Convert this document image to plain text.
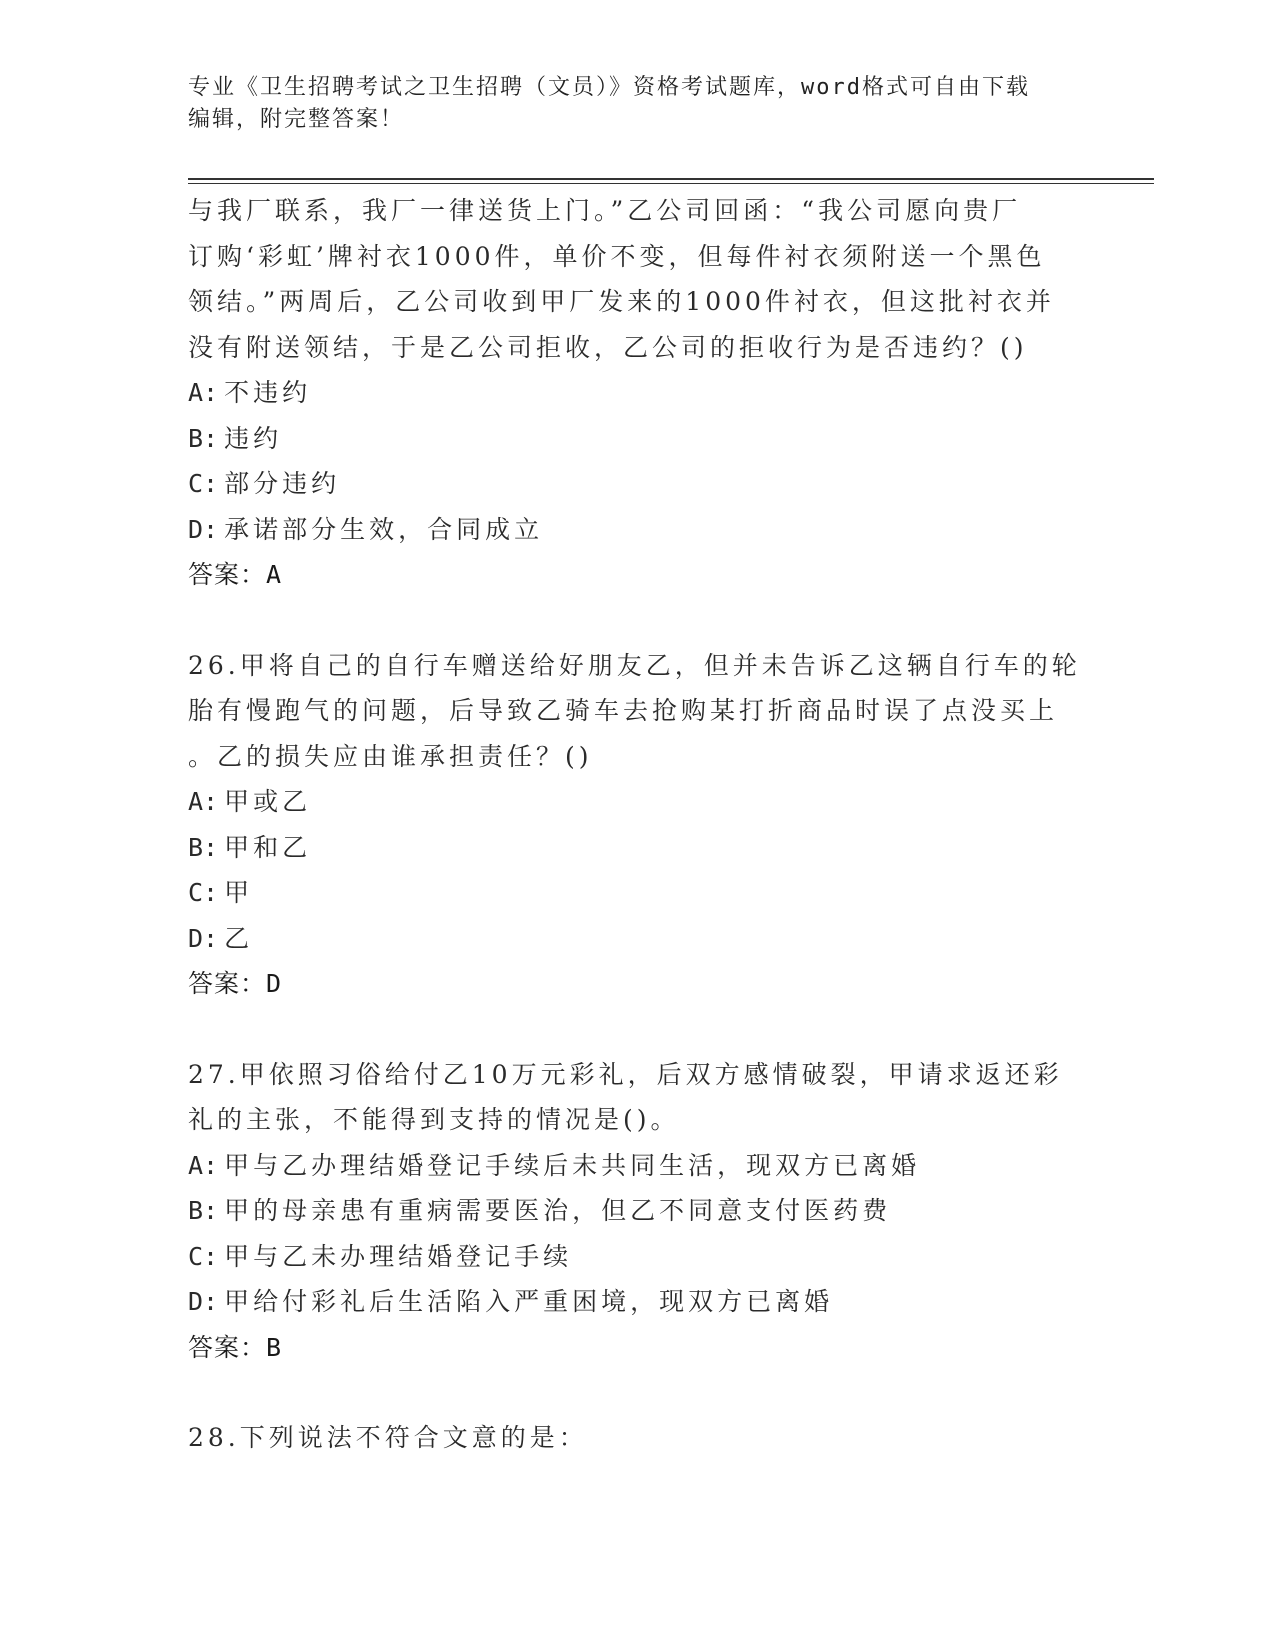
专业《卫生招聘考试之卫生招聘（文员）》资格考试题库，word格式可自由下载
编辑，附完整答案！

与我厂联系，我厂一律送货上门。”乙公司回函：“我公司愿向贵厂

订购‘彩虹’牌衬衣1000件，单价不变，但每件衬衣须附送一个黑色

领结。”两周后，乙公司收到甲厂发来的1000件衬衣，但这批衬衣并

没有附送领结，于是乙公司拒收，乙公司的拒收行为是否违约？()

A: 不违约

B: 违约

C: 部分违约

D: 承诺部分生效，合同成立

答案：A

26.甲将自己的自行车赠送给好朋友乙，但并未告诉乙这辆自行车的轮

胎有慢跑气的问题，后导致乙骑车去抢购某打折商品时误了点没买上

。乙的损失应由谁承担责任？()

A: 甲或乙

B: 甲和乙

C: 甲

D: 乙

答案：D

27.甲依照习俗给付乙10万元彩礼，后双方感情破裂，甲请求返还彩

礼的主张，不能得到支持的情况是()。

A: 甲与乙办理结婚登记手续后未共同生活，现双方已离婚

B: 甲的母亲患有重病需要医治，但乙不同意支付医药费

C: 甲与乙未办理结婚登记手续

D: 甲给付彩礼后生活陷入严重困境，现双方已离婚

答案：B

28.下列说法不符合文意的是：
